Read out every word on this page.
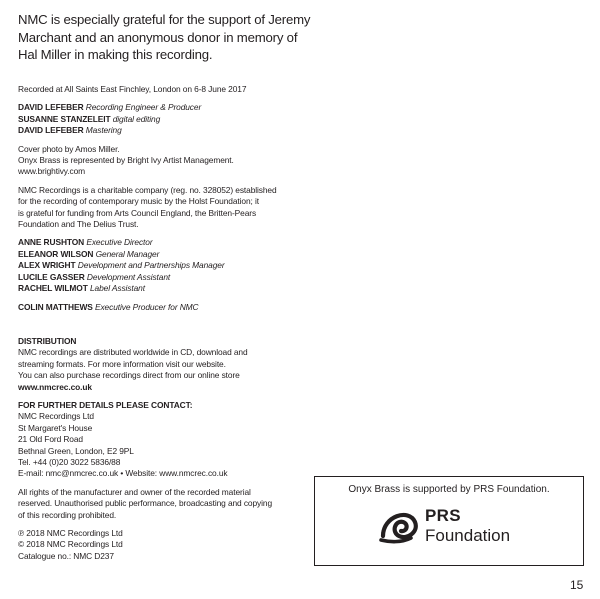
NMC is especially grateful for the support of Jeremy
Marchant and an anonymous donor in memory of
Hal Miller in making this recording.
Recorded at All Saints East Finchley, London on 6-8 June 2017
DAVID LEFEBER Recording Engineer & Producer
SUSANNE STANZELEIT digital editing
DAVID LEFEBER Mastering
Cover photo by Amos Miller.
Onyx Brass is represented by Bright Ivy Artist Management.
www.brightivy.com
NMC Recordings is a charitable company (reg. no. 328052) established
for the recording of contemporary music by the Holst Foundation; it
is grateful for funding from Arts Council England, the Britten-Pears
Foundation and The Delius Trust.
ANNE RUSHTON Executive Director
ELEANOR WILSON General Manager
ALEX WRIGHT Development and Partnerships Manager
LUCILE GASSER Development Assistant
RACHEL WILMOT Label Assistant
COLIN MATTHEWS Executive Producer for NMC
DISTRIBUTION
NMC recordings are distributed worldwide in CD, download and
streaming formats. For more information visit our website.
You can also purchase recordings direct from our online store
www.nmcrec.co.uk
FOR FURTHER DETAILS PLEASE CONTACT:
NMC Recordings Ltd
St Margaret's House
21 Old Ford Road
Bethnal Green, London, E2 9PL
Tel. +44 (0)20 3022 5836/88
E-mail: nmc@nmcrec.co.uk • Website: www.nmcrec.co.uk
All rights of the manufacturer and owner of the recorded material
reserved. Unauthorised public performance, broadcasting and copying
of this recording prohibited.
℗ 2018 NMC Recordings Ltd
© 2018 NMC Recordings Ltd
Catalogue no.: NMC D237
Onyx Brass is supported by PRS Foundation.
PRS
Foundation
15
